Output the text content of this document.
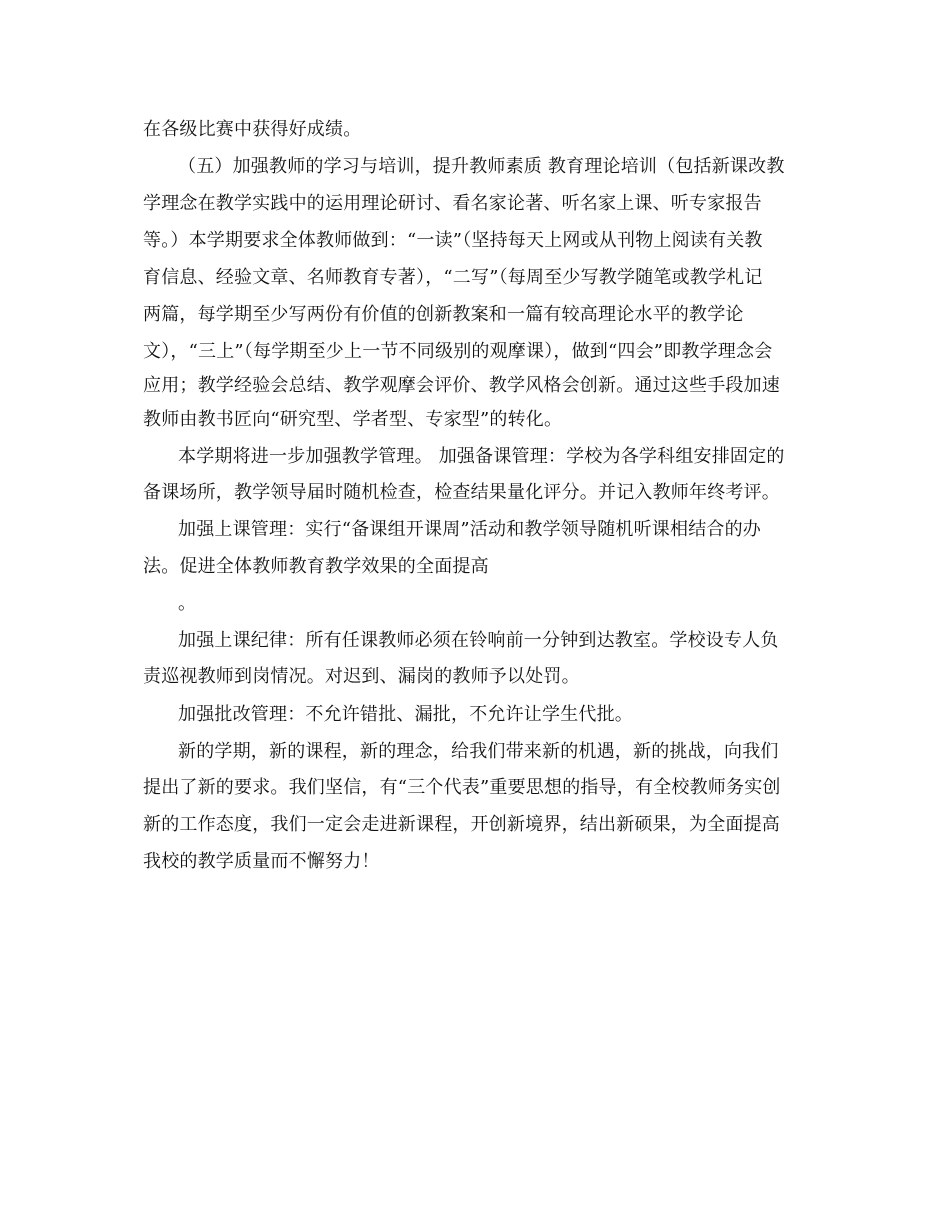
在各级比赛中获得好成绩。
（五）加强教师的学习与培训，提升教师素质 教育理论培训（包括新课改教
学理念在教学实践中的运用理论研讨、看名家论著、听名家上课、听专家报告
等。）本学期要求全体教师做到：“一读”（坚持每天上网或从刊物上阅读有关教
育信息、经验文章、名师教育专著），“二写”（每周至少写教学随笔或教学札记
两篇，每学期至少写两份有价值的创新教案和一篇有较高理论水平的教学论
文），“三上”（每学期至少上一节不同级别的观摩课），做到“四会”即教学理念会
应用；教学经验会总结、教学观摩会评价、教学风格会创新。通过这些手段加速
教师由教书匠向“研究型、学者型、专家型”的转化。
本学期将进一步加强教学管理。 加强备课管理：学校为各学科组安排固定的
备课场所，教学领导届时随机检查，检查结果量化评分。并记入教师年终考评。
加强上课管理：实行“备课组开课周”活动和教学领导随机听课相结合的办
法。促进全体教师教育教学效果的全面提高
。
加强上课纪律：所有任课教师必须在铃响前一分钟到达教室。学校设专人负
责巡视教师到岗情况。对迟到、漏岗的教师予以处罚。
加强批改管理：不允许错批、漏批，不允许让学生代批。
新的学期，新的课程，新的理念，给我们带来新的机遇，新的挑战，向我们
提出了新的要求。我们坚信，有“三个代表”重要思想的指导，有全校教师务实创
新的工作态度，我们一定会走进新课程，开创新境界，结出新硕果，为全面提高
我校的教学质量而不懈努力！
